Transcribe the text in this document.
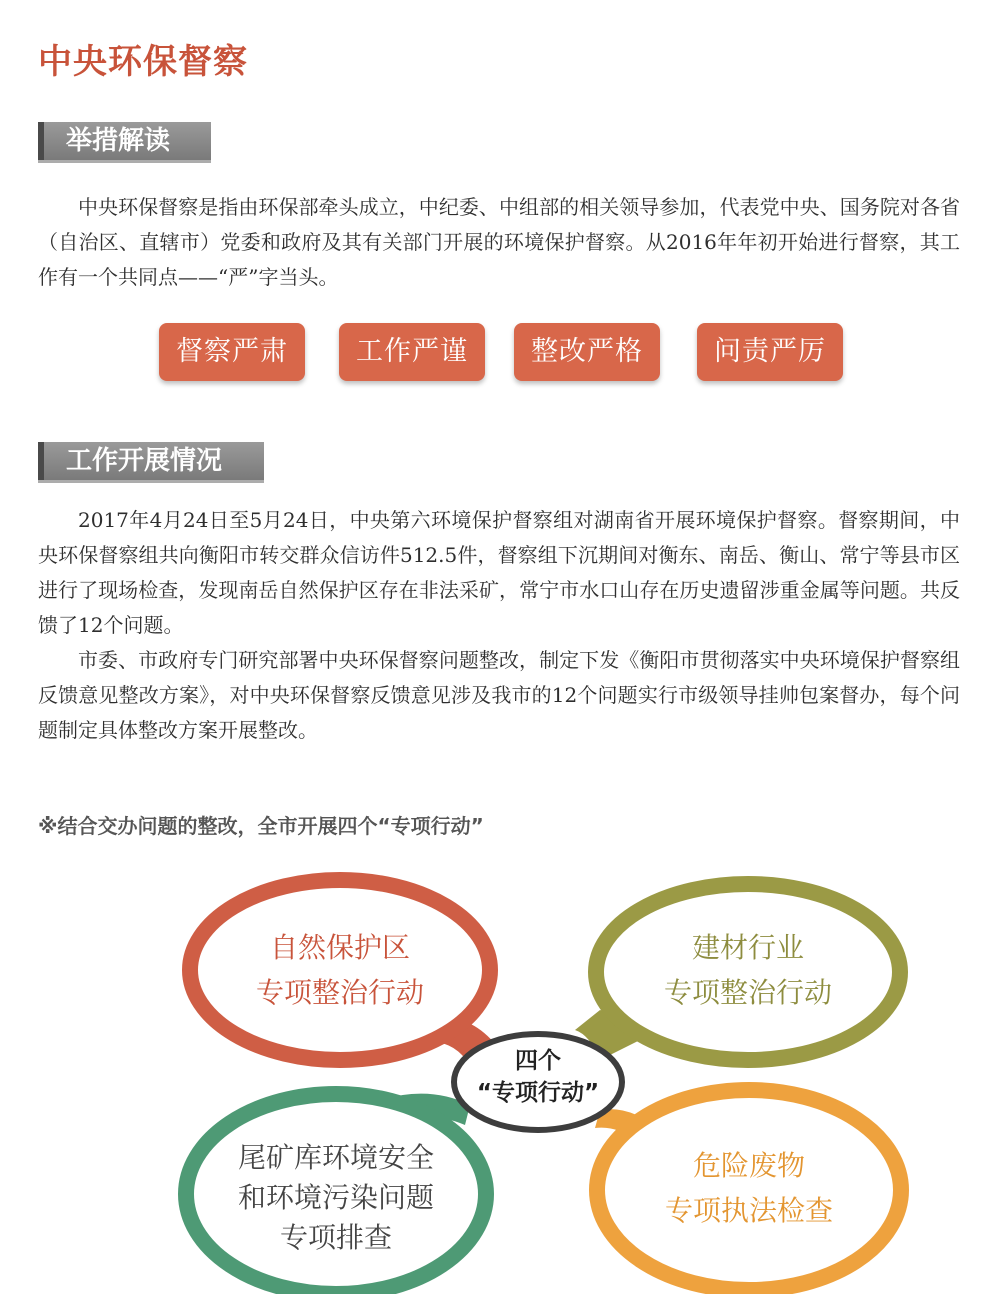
中央环保督察
举措解读

中央环保督察是指由环保部牵头成立，中纪委、中组部的相关领导参加，代表党中央、国务院对各省（自治区、直辖市）党委和政府及其有关部门开展的环境保护督察。从2016年年初开始进行督察，其工作有一个共同点——“严”字当头。

督察严肃	工作严谨	整改严格	问责严厉
工作开展情况

2017年4月24日至5月24日，中央第六环境保护督察组对湖南省开展环境保护督察。督察期间，中央环保督察组共向衡阳市转交群众信访件512.5件，督察组下沉期间对衡东、南岳、衡山、常宁等县市区进行了现场检查，发现南岳自然保护区存在非法采矿，常宁市水口山存在历史遗留涉重金属等问题。共反馈了12个问题。

市委、市政府专门研究部署中央环保督察问题整改，制定下发《衡阳市贯彻落实中央环境保护督察组反馈意见整改方案》，对中央环保督察反馈意见涉及我市的12个问题实行市级领导挂帅包案督办，每个问题制定具体整改方案开展整改。

※结合交办问题的整改，全市开展四个“专项行动”
自然保护区
专项整治行动
建材行业
专项整治行动
尾矿库环境安全
和环境污染问题
专项排查
危险废物
专项执法检查
四个
“专项行动”
